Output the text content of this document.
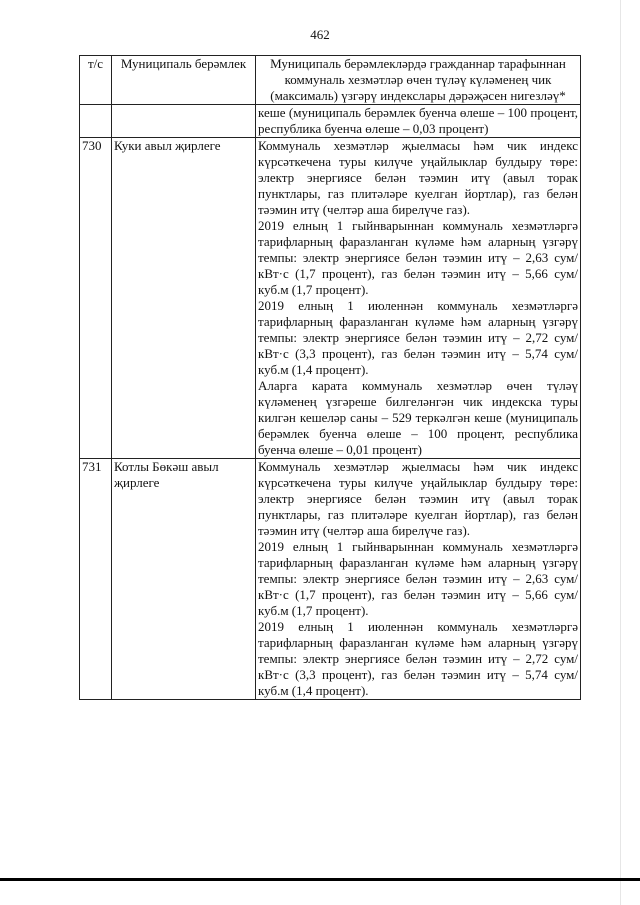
462
т/с	Муниципаль берәмлек	Муниципаль берәмлекләрдә гражданнар тарафыннан коммуналь хезмәтләр өчен түләү күләменең чик (максималь) үзгәрү индекслары дәрәҗәсен нигезләү*

		кеше (муниципаль берәмлек буенча өлеше – 100 процент, республика буенча өлеше – 0,03 процент)

730	Куки авыл җирлеге	Коммуналь хезмәтләр җыелмасы һәм чик индекс күрсәткечена туры килүче уңайлыклар булдыру төре: электр энергиясе белән тәэмин итү (авыл торак пунктлары, газ плитәләре куелган йортлар), газ белән тәэмин итү (челтәр аша бирелүче газ).

2019 елның 1 гыйнварыннан коммуналь хезмәтләргә тарифларның фаразланган күләме һәм аларның үзгәрү темпы: электр энергиясе белән тәэмин итү – 2,63 сум/кВт·с (1,7 процент), газ белән тәэмин итү – 5,66 сум/куб.м (1,7 процент).

2019 елның 1 июленнән коммуналь хезмәтләргә тарифларның фаразланган күләме һәм аларның үзгәрү темпы: электр энергиясе белән тәэмин итү – 2,72 сум/кВт·с (3,3 процент), газ белән тәэмин итү – 5,74 сум/куб.м (1,4 процент).

Аларга карата коммуналь хезмәтләр өчен түләү күләменең үзгәреше билгеләнгән чик индекска туры килгән кешеләр саны – 529 теркәлгән кеше (муниципаль берәмлек буенча өлеше – 100 процент, республика буенча өлеше – 0,01 процент)

731	Котлы Бөкәш авыл җирлеге	Коммуналь хезмәтләр җыелмасы һәм чик индекс күрсәткечена туры килүче уңайлыклар булдыру төре: электр энергиясе белән тәэмин итү (авыл торак пунктлары, газ плитәләре куелган йортлар), газ белән тәэмин итү (челтәр аша бирелүче газ).

2019 елның 1 гыйнварыннан коммуналь хезмәтләргә тарифларның фаразланган күләме һәм аларның үзгәрү темпы: электр энергиясе белән тәэмин итү – 2,63 сум/кВт·с (1,7 процент), газ белән тәэмин итү – 5,66 сум/куб.м (1,7 процент).

2019 елның 1 июленнән коммуналь хезмәтләргә тарифларның фаразланган күләме һәм аларның үзгәрү темпы: электр энергиясе белән тәэмин итү – 2,72 сум/кВт·с (3,3 процент), газ белән тәэмин итү – 5,74 сум/куб.м (1,4 процент).
